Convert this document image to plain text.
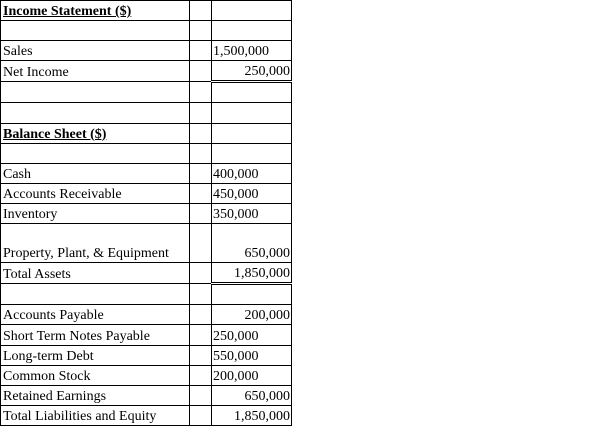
Income Statement ($)		

Sales		1,500,000
Net Income		250,000

Balance Sheet ($)		

Cash		400,000
Accounts Receivable		450,000
Inventory		350,000
Property, Plant, & Equipment		650,000
Total Assets		1,850,000

Accounts Payable		200,000
Short Term Notes Payable		250,000
Long-term Debt		550,000
Common Stock		200,000
Retained Earnings		650,000
Total Liabilities and Equity		1,850,000
